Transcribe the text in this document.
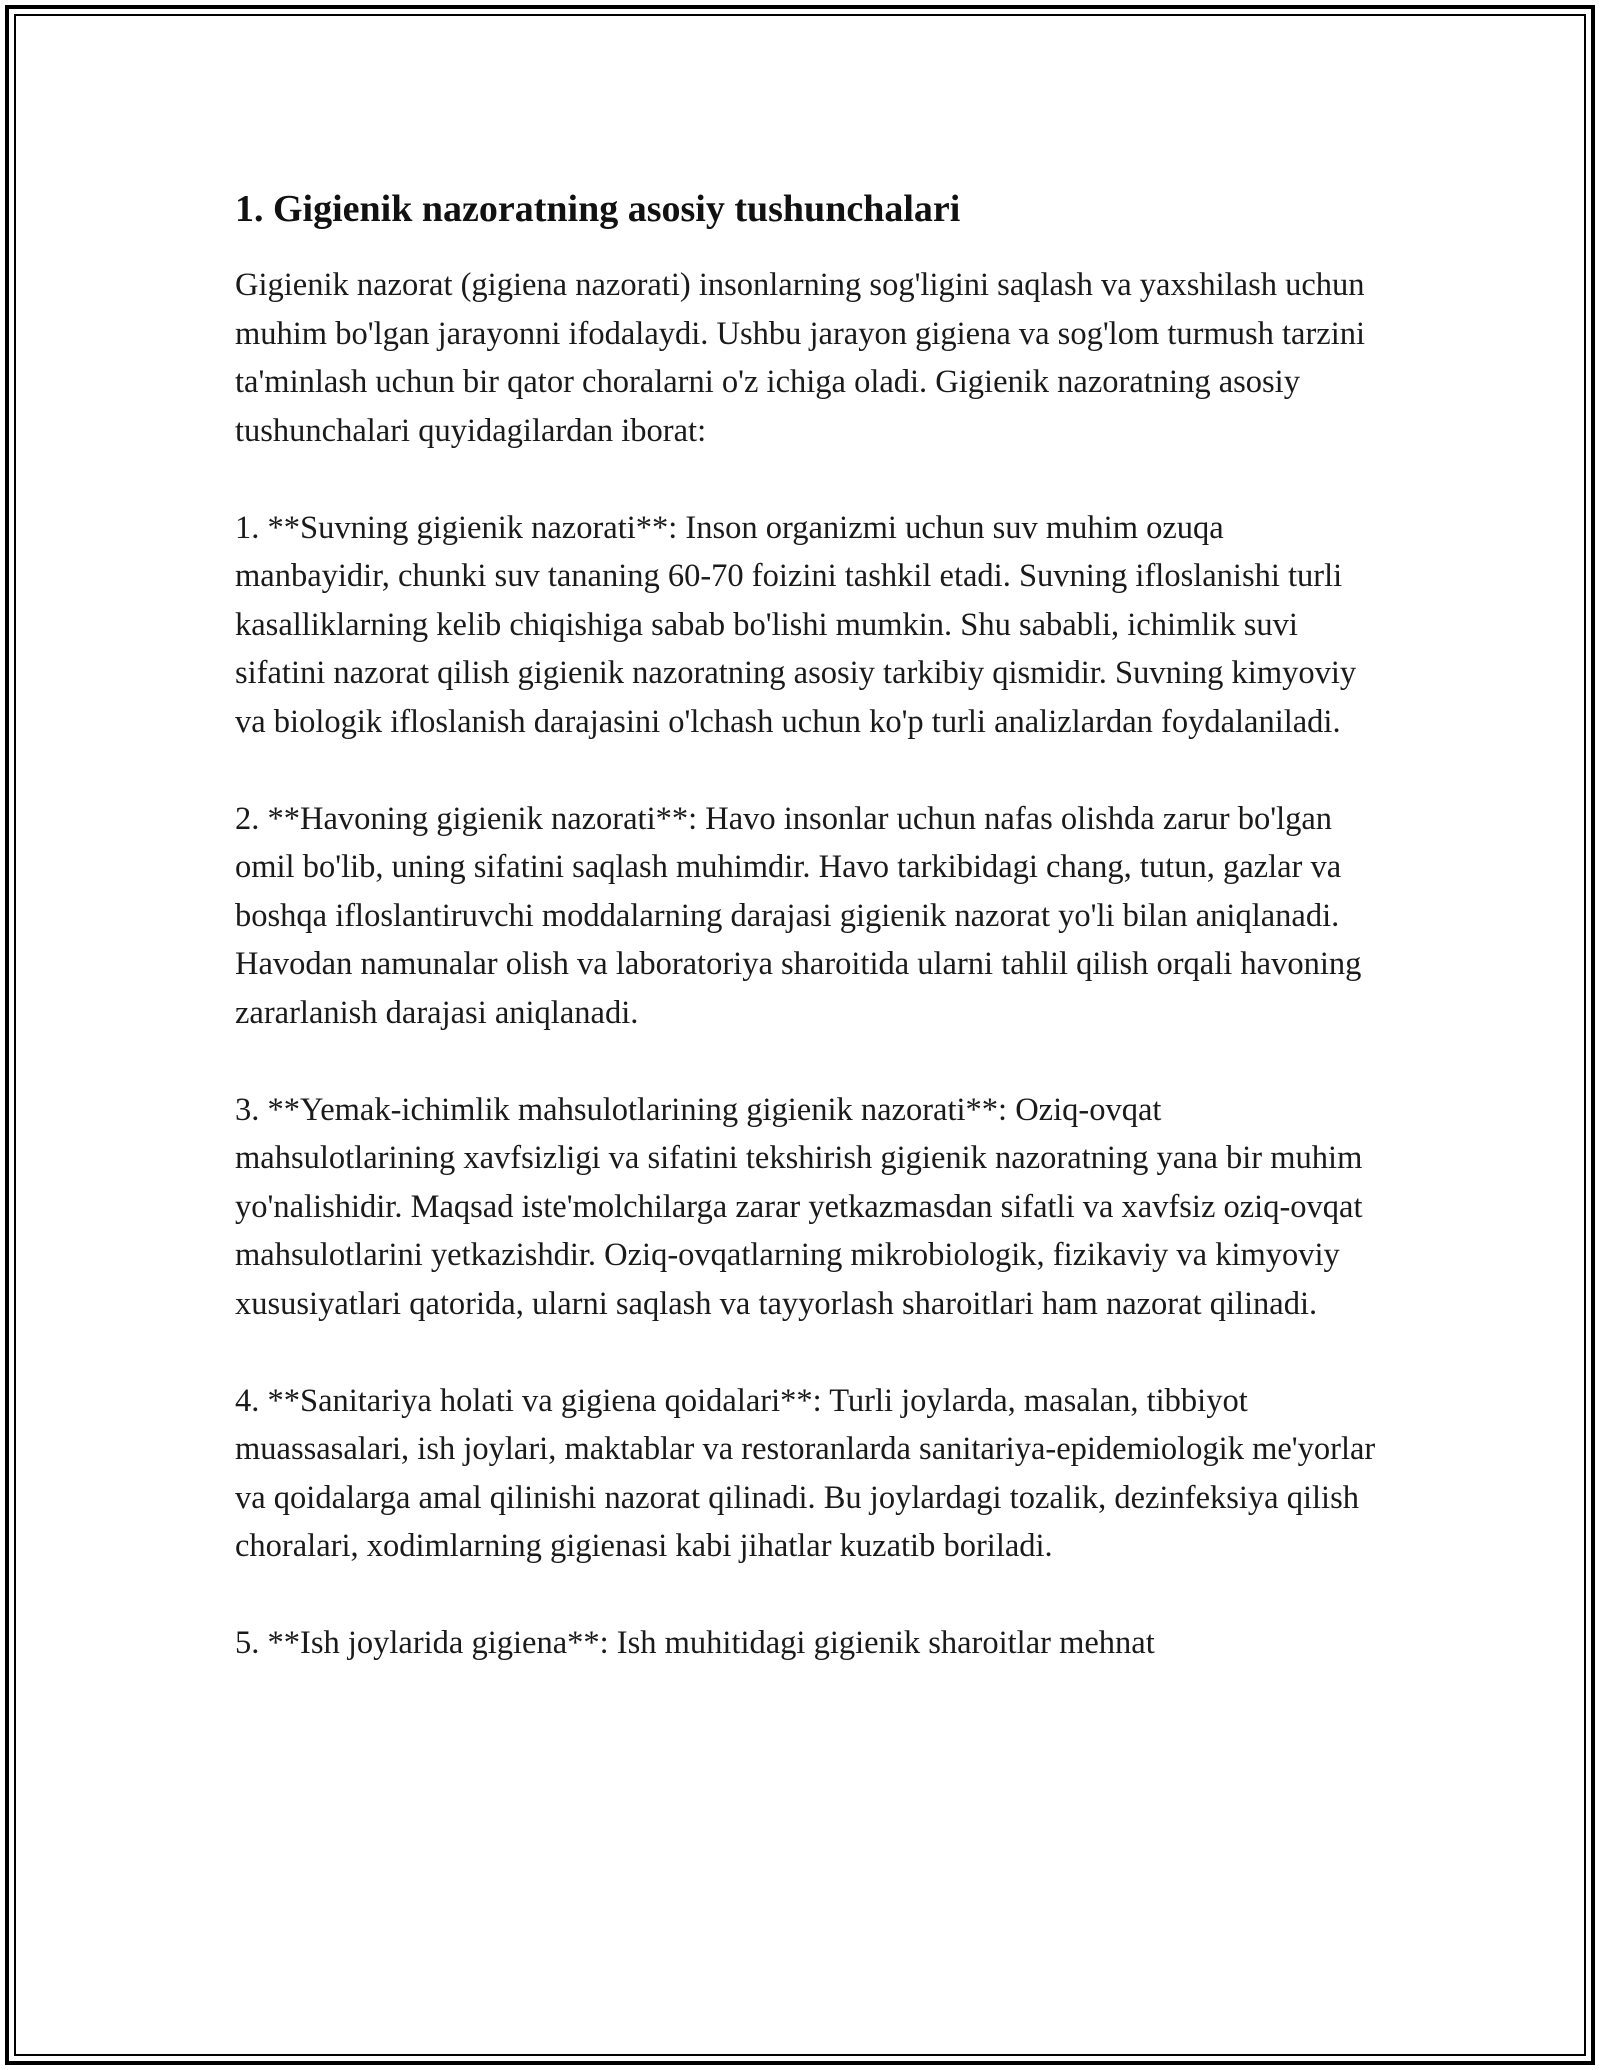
1. Gigienik nazoratning asosiy tushunchalari

Gigienik nazorat (gigiena nazorati) insonlarning sog'ligini saqlash va yaxshilash uchun muhim bo'lgan jarayonni ifodalaydi. Ushbu jarayon gigiena va sog'lom turmush tarzini ta'minlash uchun bir qator choralarni o'z ichiga oladi. Gigienik nazoratning asosiy tushunchalari quyidagilardan iborat:

1. **Suvning gigienik nazorati**: Inson organizmi uchun suv muhim ozuqa manbayidir, chunki suv tananing 60-70 foizini tashkil etadi. Suvning ifloslanishi turli kasalliklarning kelib chiqishiga sabab bo'lishi mumkin. Shu sababli, ichimlik suvi sifatini nazorat qilish gigienik nazoratning asosiy tarkibiy qismidir. Suvning kimyoviy va biologik ifloslanish darajasini o'lchash uchun ko'p turli analizlardan foydalaniladi.

2. **Havoning gigienik nazorati**: Havo insonlar uchun nafas olishda zarur bo'lgan omil bo'lib, uning sifatini saqlash muhimdir. Havo tarkibidagi chang, tutun, gazlar va boshqa ifloslantiruvchi moddalarning darajasi gigienik nazorat yo'li bilan aniqlanadi. Havodan namunalar olish va laboratoriya sharoitida ularni tahlil qilish orqali havoning zararlanish darajasi aniqlanadi.

3. **Yemak-ichimlik mahsulotlarining gigienik nazorati**: Oziq-ovqat mahsulotlarining xavfsizligi va sifatini tekshirish gigienik nazoratning yana bir muhim yo'nalishidir. Maqsad iste'molchilarga zarar yetkazmasdan sifatli va xavfsiz oziq-ovqat mahsulotlarini yetkazishdir. Oziq-ovqatlarning mikrobiologik, fizikaviy va kimyoviy xususiyatlari qatorida, ularni saqlash va tayyorlash sharoitlari ham nazorat qilinadi.

4. **Sanitariya holati va gigiena qoidalari**: Turli joylarda, masalan, tibbiyot muassasalari, ish joylari, maktablar va restoranlarda sanitariya-epidemiologik me'yorlar va qoidalarga amal qilinishi nazorat qilinadi. Bu joylardagi tozalik, dezinfeksiya qilish choralari, xodimlarning gigienasi kabi jihatlar kuzatib boriladi.

5. **Ish joylarida gigiena**: Ish muhitidagi gigienik sharoitlar mehnat
